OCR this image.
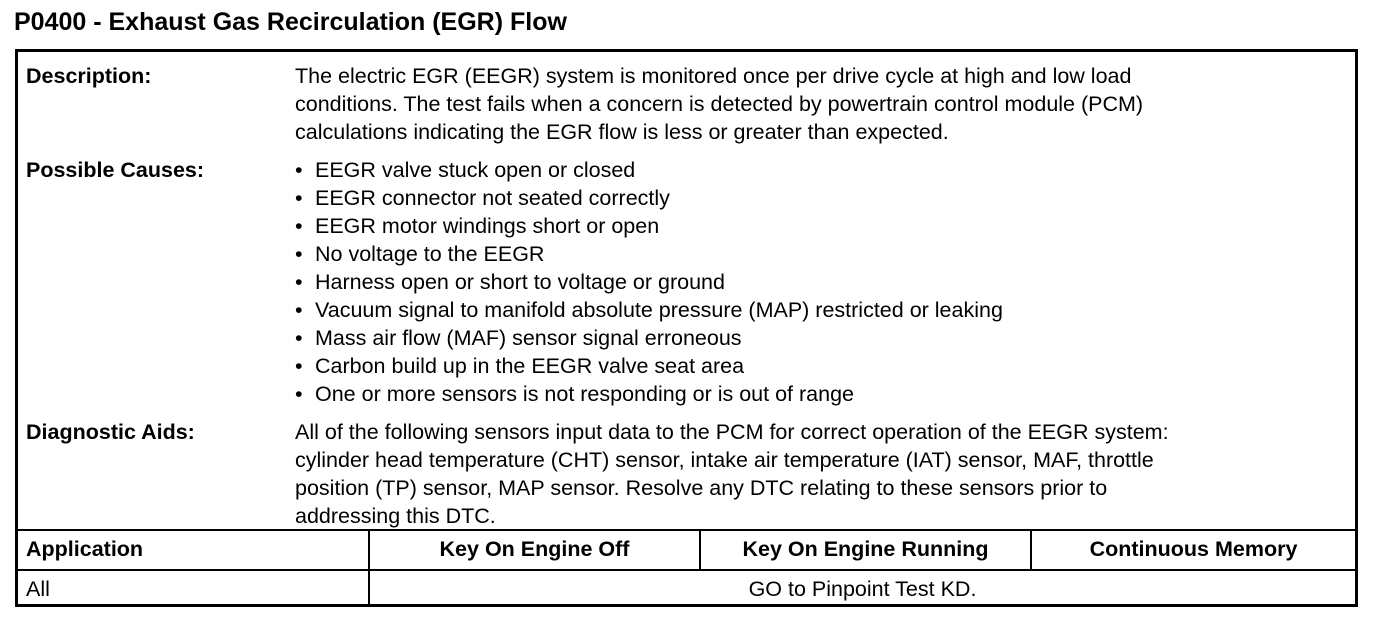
P0400 - Exhaust Gas Recirculation (EGR) Flow
Description:	The electric EGR (EEGR) system is monitored once per drive cycle at high and low load
conditions. The test fails when a concern is detected by powertrain control module (PCM)
calculations indicating the EGR flow is less or greater than expected.
Possible Causes:	• EEGR valve stuck open or closed
• EEGR connector not seated correctly
• EEGR motor windings short or open
• No voltage to the EEGR
• Harness open or short to voltage or ground
• Vacuum signal to manifold absolute pressure (MAP) restricted or leaking
• Mass air flow (MAF) sensor signal erroneous
• Carbon build up in the EEGR valve seat area
• One or more sensors is not responding or is out of range
Diagnostic Aids:	All of the following sensors input data to the PCM for correct operation of the EEGR system:
cylinder head temperature (CHT) sensor, intake air temperature (IAT) sensor, MAF, throttle
position (TP) sensor, MAP sensor. Resolve any DTC relating to these sensors prior to
addressing this DTC.
Application	Key On Engine Off	Key On Engine Running	Continuous Memory
All	GO to Pinpoint Test KD.
